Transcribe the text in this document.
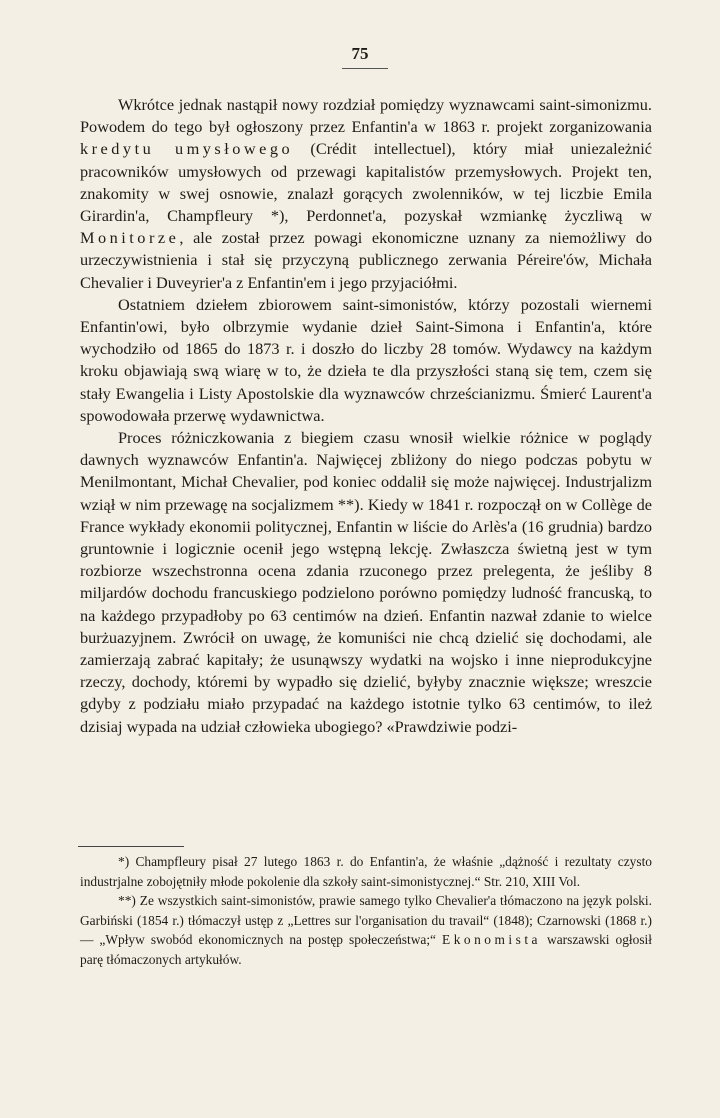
75

Wkrótce jednak nastąpił nowy rozdział pomiędzy wyznawcami saint-simonizmu. Powodem do tego był ogłoszony przez Enfantin'a w 1863 r. projekt zorganizowania kredytu umysłowego (Crédit intellectuel), który miał uniezależnić pracowników umysłowych od przewagi kapitalistów przemysłowych. Projekt ten, znakomity w swej osnowie, znalazł gorących zwolenników, w tej liczbie Emila Girardin'a, Champfleury *), Perdonnet'a, pozyskał wzmiankę życzliwą w Monitorze, ale został przez powagi ekonomiczne uznany za niemożliwy do urzeczywistnienia i stał się przyczyną publicznego zerwania Péreire'ów, Michała Chevalier i Duveyrier'a z Enfantin'em i jego przyjaciółmi.

Ostatniem dziełem zbiorowem saint-simonistów, którzy pozostali wiernemi Enfantin'owi, było olbrzymie wydanie dzieł Saint-Simona i Enfantin'a, które wychodziło od 1865 do 1873 r. i doszło do liczby 28 tomów. Wydawcy na każdym kroku objawiają swą wiarę w to, że dzieła te dla przyszłości staną się tem, czem się stały Ewangelia i Listy Apostolskie dla wyznawców chrześcianizmu. Śmierć Laurent'a spowodowała przerwę wydawnictwa.

Proces różniczkowania z biegiem czasu wnosił wielkie różnice w poglądy dawnych wyznawców Enfantin'a. Najwięcej zbliżony do niego podczas pobytu w Menilmontant, Michał Chevalier, pod koniec oddalił się może najwięcej. Industrjalizm wziął w nim przewagę na socjalizmem **). Kiedy w 1841 r. rozpoczął on w Collège de France wykłady ekonomii politycznej, Enfantin w liście do Arlès'a (16 grudnia) bardzo gruntownie i logicznie ocenił jego wstępną lekcję. Zwłaszcza świetną jest w tym rozbiorze wszechstronna ocena zdania rzuconego przez prelegenta, że jeśliby 8 miljardów dochodu francuskiego podzielono porówno pomiędzy ludność francuską, to na każdego przypadłoby po 63 centimów na dzień. Enfantin nazwał zdanie to wielce burżuazyjnem. Zwrócił on uwagę, że komuniści nie chcą dzielić się dochodami, ale zamierzają zabrać kapitały; że usunąwszy wydatki na wojsko i inne nieprodukcyjne rzeczy, dochody, któremi by wypadło się dzielić, byłyby znacznie większe; wreszcie gdyby z podziału miało przypadać na każdego istotnie tylko 63 centimów, to ileż dzisiaj wypada na udział człowieka ubogiego? «Prawdziwie podzi-

*) Champfleury pisał 27 lutego 1863 r. do Enfantin'a, że właśnie „dążność i rezultaty czysto industrjalne zobojętniły młode pokolenie dla szkoły saint-simonistycznej.“ Str. 210, XIII Vol.

**) Ze wszystkich saint-simonistów, prawie samego tylko Chevalier'a tłómaczono na język polski. Garbiński (1854 r.) tłómaczył ustęp z „Lettres sur l'organisation du travail“ (1848); Czarnowski (1868 r.) — „Wpływ swobód ekonomicznych na postęp społeczeństwa;“ Ekonomista warszawski ogłosił parę tłómaczonych artykułów.
